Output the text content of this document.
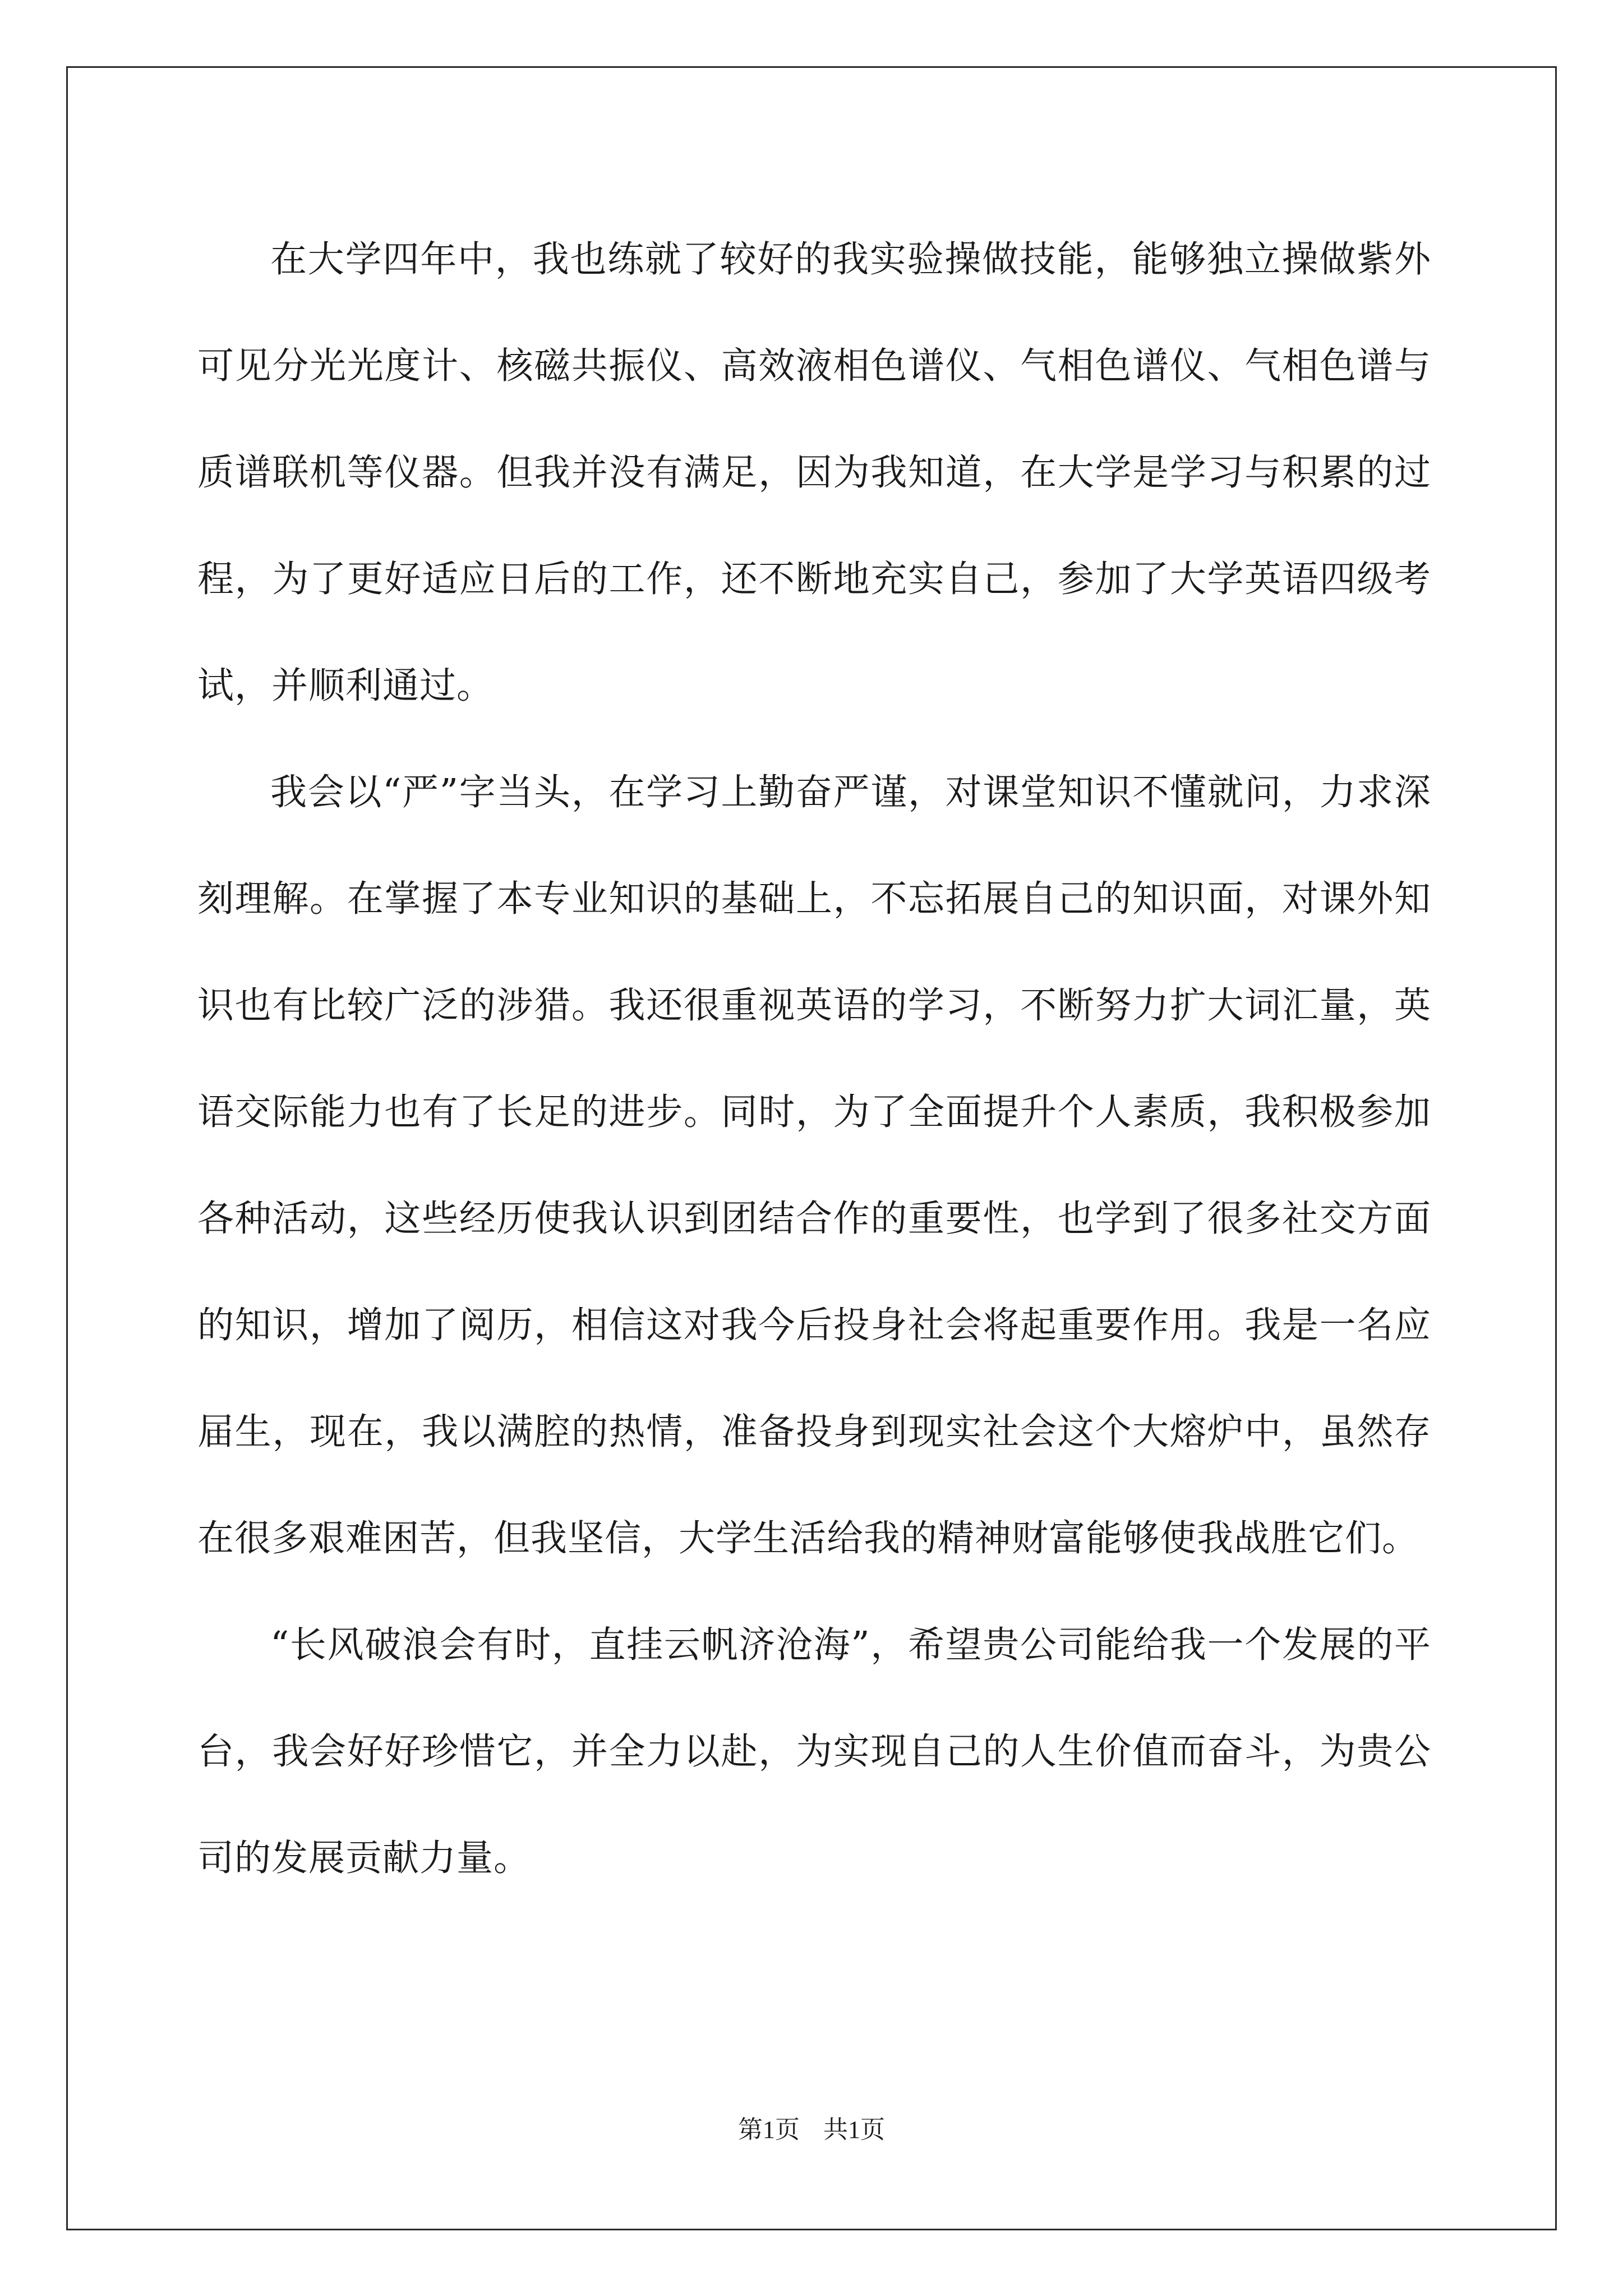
在大学四年中，我也练就了较好的我实验操做技能，能够独立操做紫外可见分光光度计、核磁共振仪、高效液相色谱仪、气相色谱仪、气相色谱与质谱联机等仪器。但我并没有满足，因为我知道，在大学是学习与积累的过程，为了更好适应日后的工作，还不断地充实自己，参加了大学英语四级考试，并顺利通过。

我会以“严”字当头，在学习上勤奋严谨，对课堂知识不懂就问，力求深刻理解。在掌握了本专业知识的基础上，不忘拓展自己的知识面，对课外知识也有比较广泛的涉猎。我还很重视英语的学习，不断努力扩大词汇量，英语交际能力也有了长足的进步。同时，为了全面提升个人素质，我积极参加各种活动，这些经历使我认识到团结合作的重要性，也学到了很多社交方面的知识，增加了阅历，相信这对我今后投身社会将起重要作用。我是一名应届生，现在，我以满腔的热情，准备投身到现实社会这个大熔炉中，虽然存在很多艰难困苦，但我坚信，大学生活给我的精神财富能够使我战胜它们。

“长风破浪会有时，直挂云帆济沧海”，希望贵公司能给我一个发展的平台，我会好好珍惜它，并全力以赴，为实现自己的人生价值而奋斗，为贵公司的发展贡献力量。

第1页 共1页
